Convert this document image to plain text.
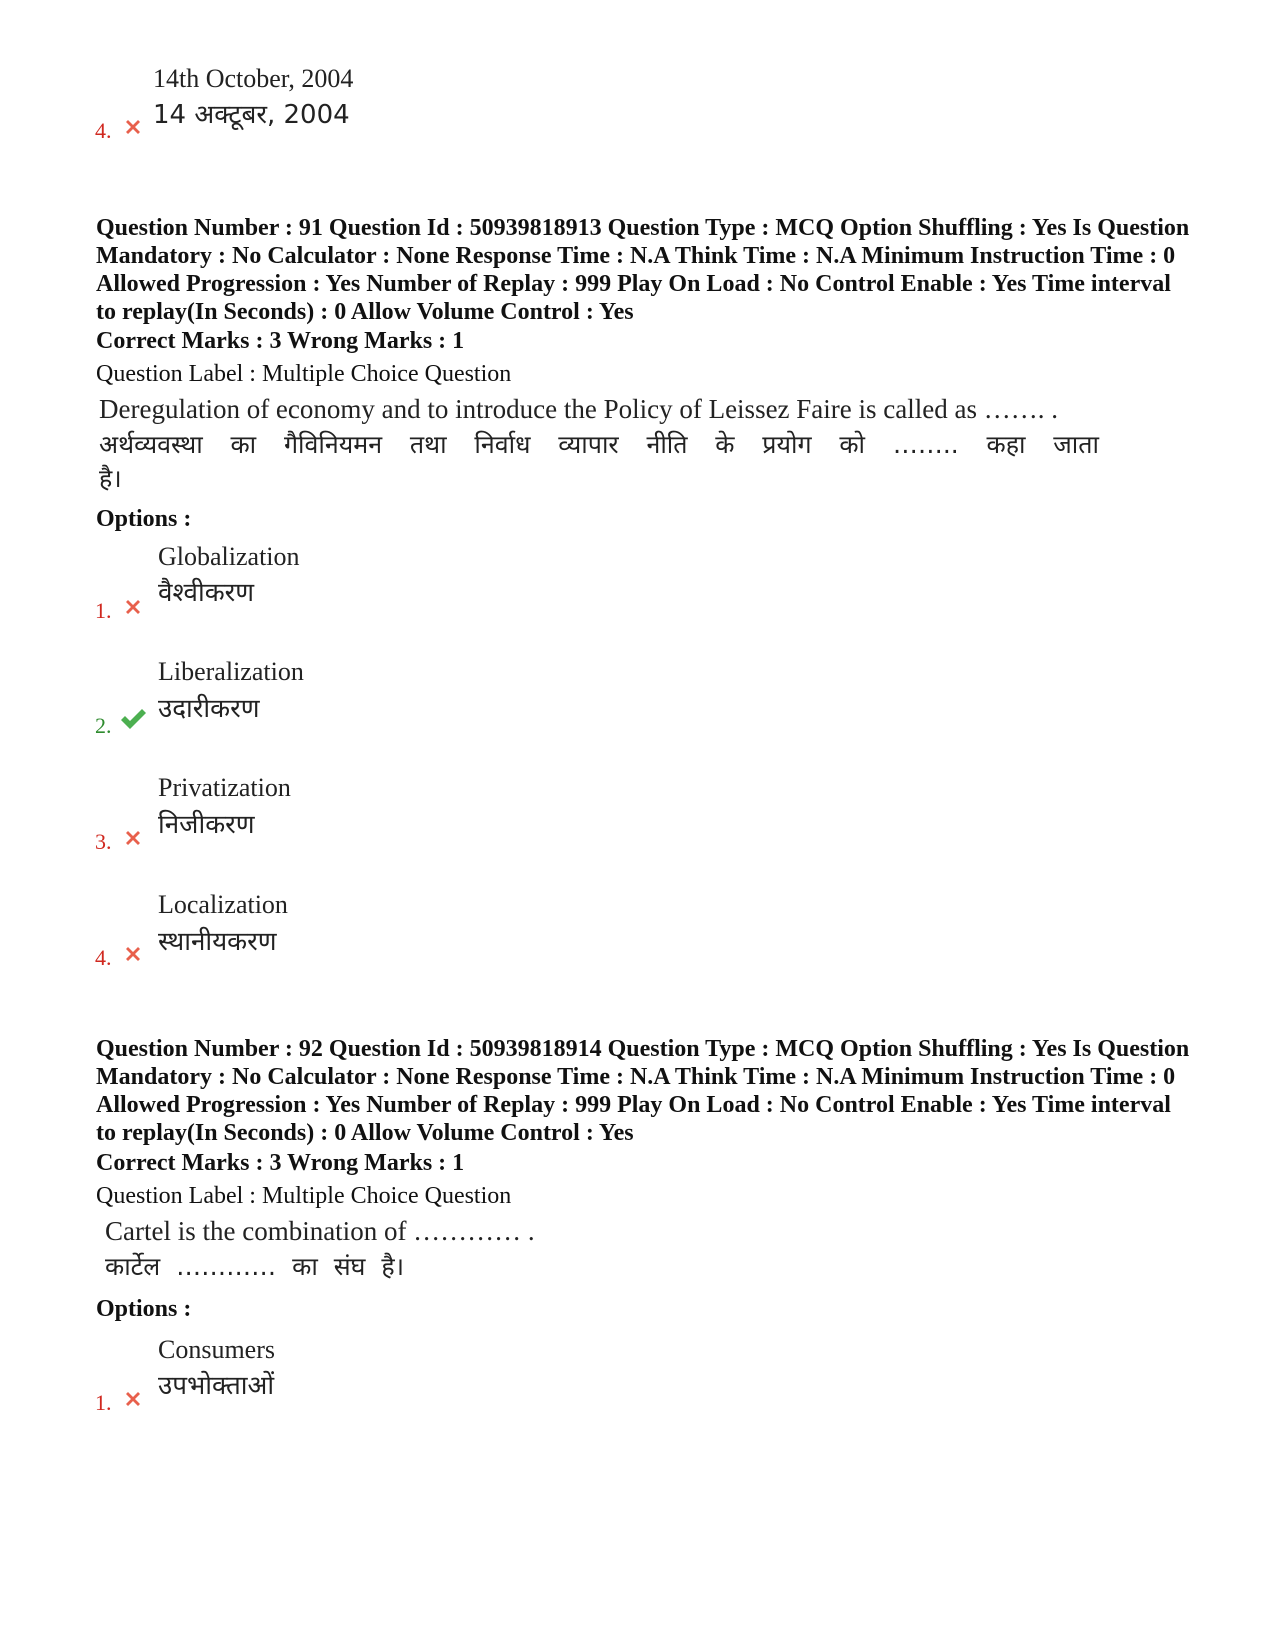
14th October, 2004
14 अक्टूबर, 2004
4.
Question Number : 91 Question Id : 50939818913 Question Type : MCQ Option Shuffling : Yes Is Question Mandatory : No Calculator : None Response Time : N.A Think Time : N.A Minimum Instruction Time : 0 Allowed Progression : Yes Number of Replay : 999 Play On Load : No Control Enable : Yes Time interval to replay(In Seconds) : 0 Allow Volume Control : Yes
Correct Marks : 3 Wrong Marks : 1
Question Label : Multiple Choice Question
Deregulation of economy and to introduce the Policy of Leissez Faire is called as ……. .
अर्थव्यवस्था का गैविनियमन तथा निर्वाध व्यापार नीति के प्रयोग को …….. कहा जाता
है।
Options :
Globalization
वैश्वीकरण
1.
Liberalization
उदारीकरण
2.
Privatization
निजीकरण
3.
Localization
स्थानीयकरण
4.
Question Number : 92 Question Id : 50939818914 Question Type : MCQ Option Shuffling : Yes Is Question Mandatory : No Calculator : None Response Time : N.A Think Time : N.A Minimum Instruction Time : 0 Allowed Progression : Yes Number of Replay : 999 Play On Load : No Control Enable : Yes Time interval to replay(In Seconds) : 0 Allow Volume Control : Yes
Correct Marks : 3 Wrong Marks : 1
Question Label : Multiple Choice Question
Cartel is the combination of ………… .
कार्टेल ………… का संघ है।
Options :
Consumers
उपभोक्ताओं
1.
